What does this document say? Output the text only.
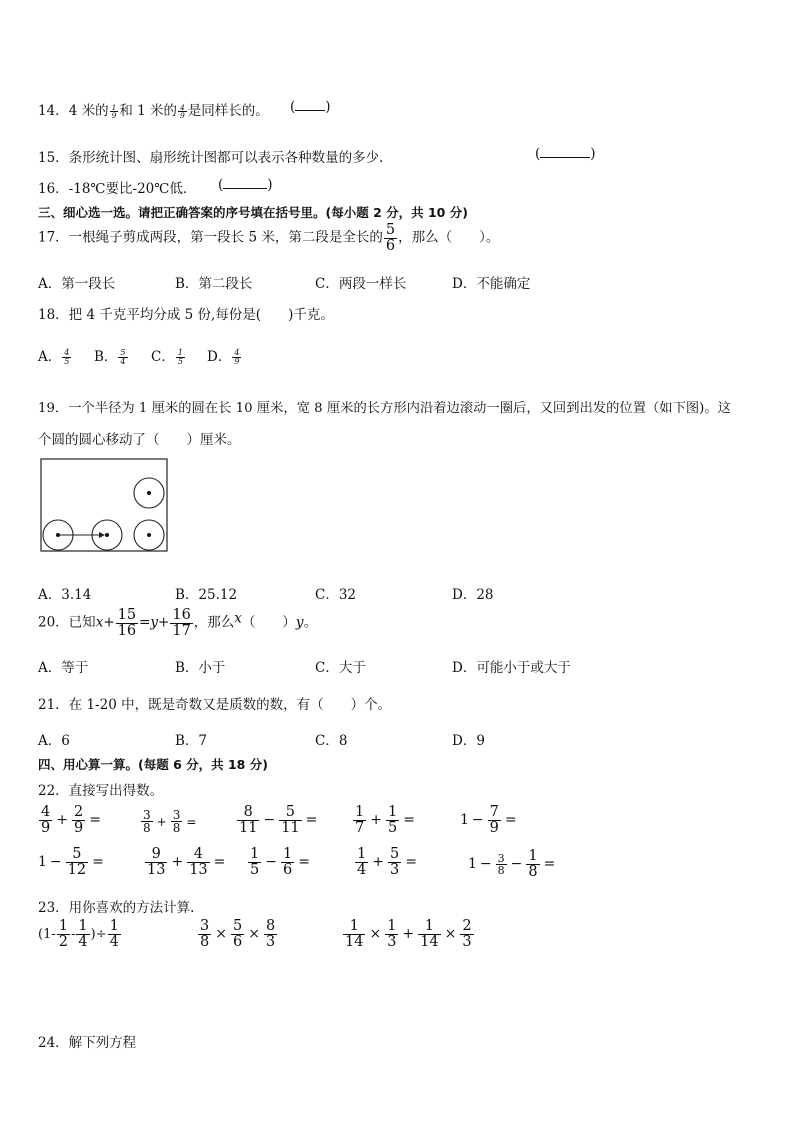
14．4 米的 $\frac{1}{9}$ 和 1 米的 $\frac{4}{9}$ 是同样长的。 ( )
15．条形统计图、扇形统计图都可以表示各种数量的多少．	(	)
16．-18℃要比-20℃低． (	)
三、细心选一选。请把正确答案的序号填在括号里。(每小题 2 分，共 10 分)
17．一根绳子剪成两段，第一段长 5 米，第二段是全长的 $\frac{5}{6}$ ，那么（　　）。
A．第一段长	B．第二段长	C．两段一样长	D．不能确定
18．把 4 千克平均分成 5 份,每份是(　　)千克。
A． $\frac{4}{5}$ B． $\frac{5}{4}$ C． $\frac{1}{5}$ D． $\frac{4}{9}$
19．一个半径为 1 厘米的圆在长 10 厘米，宽 8 厘米的长方形内沿着边滚动一圈后，又回到出发的位置（如下图)。这
个圆的圆心移动了（　　）厘米。
A．3.14	B．25.12	C．32	D．28
20．已知$x+ \frac{15}{16} =y+ \frac{16}{17}$ ，那么x（　　）y。
A．等于	B．小于	C．大于	D．可能小于或大于
21．在 1-20 中，既是奇数又是质数的数，有（　　）个。
A．6	B．7	C．8	D．9
四、用心算一算。(每题 6 分，共 18 分)
22．直接写出得数。
$\frac{4}{9} + \frac{2}{9}$ =	$\frac{3}{8} + \frac{3}{8}$ =	$\frac{8}{11} - \frac{5}{11} = \frac{1}{7} + \frac{1}{5}$ =	$1 - \frac{7}{9}$ =
$1 - \frac{5}{12}$ =	$\frac{9}{13} + \frac{4}{13} = \frac{1}{5} - \frac{1}{6}$ =	$\frac{1}{4} + \frac{5}{3}$ =	$1 - \frac{3}{8} - \frac{1}{8}$ =
23．用你喜欢的方法计算.
($1- \frac{1}{2} - \frac{1}{4}$ )÷ $\frac{1}{4}$	$\frac{3}{8} \times \frac{5}{6} \times \frac{8}{3}$	$\frac{1}{14} \times \frac{1}{3} + \frac{1}{14} \times \frac{2}{3}$
24．解下列方程
